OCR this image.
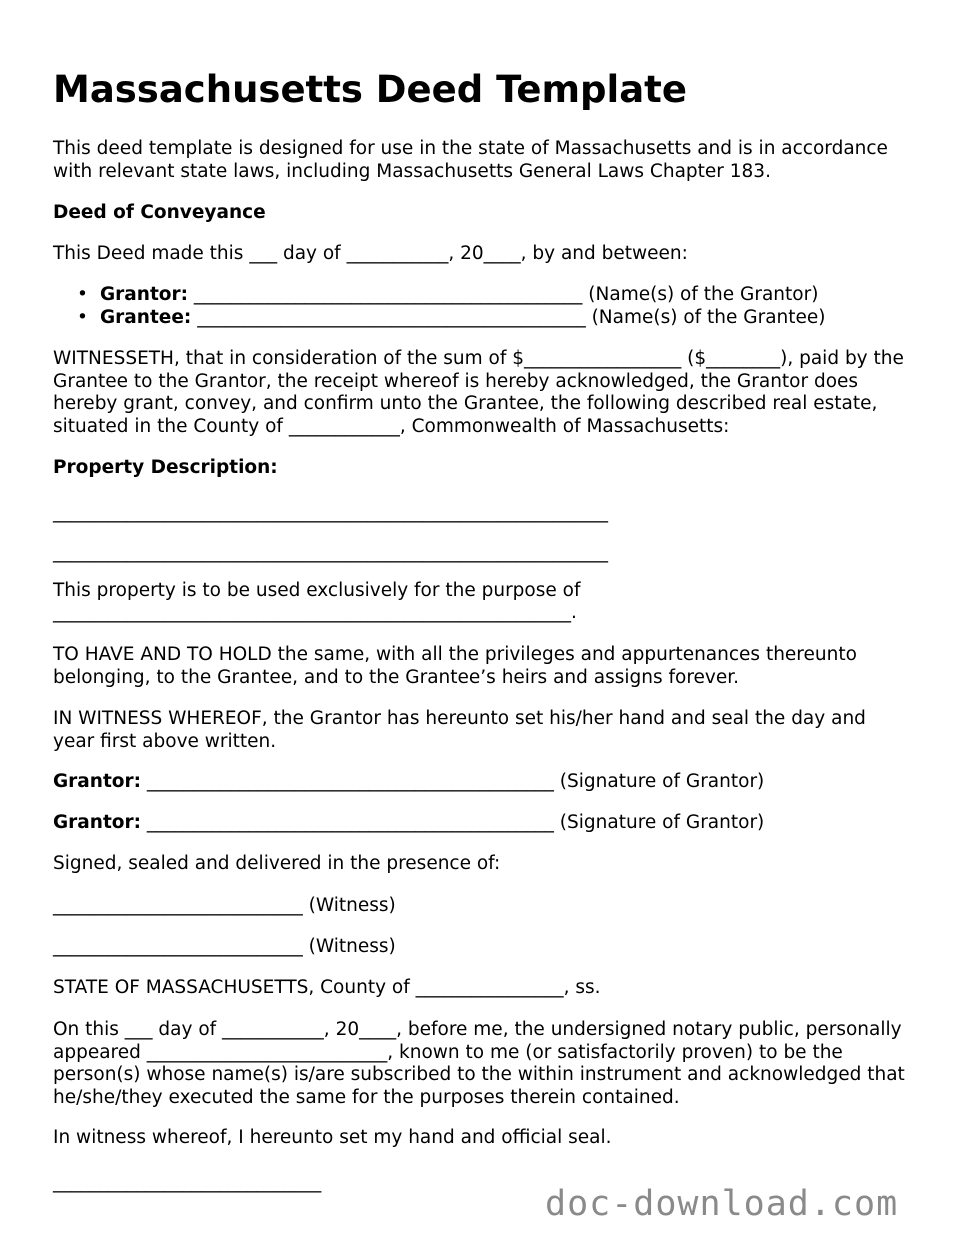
Massachusetts Deed Template

This deed template is designed for use in the state of Massachusetts and is in accordance with relevant state laws, including Massachusetts General Laws Chapter 183.

Deed of Conveyance

This Deed made this ___ day of ___________, 20____, by and between:

• Grantor: __________________________________________ (Name(s) of the Grantor)
• Grantee: __________________________________________ (Name(s) of the Grantee)

WITNESSETH, that in consideration of the sum of $_________________ ($________), paid by the Grantee to the Grantor, the receipt whereof is hereby acknowledged, the Grantor does hereby grant, convey, and confirm unto the Grantee, the following described real estate, situated in the County of ____________, Commonwealth of Massachusetts:

Property Description:

____________________________________________________________

____________________________________________________________

This property is to be used exclusively for the purpose of

________________________________________________________.

TO HAVE AND TO HOLD the same, with all the privileges and appurtenances thereunto belonging, to the Grantee, and to the Grantee’s heirs and assigns forever.

IN WITNESS WHEREOF, the Grantor has hereunto set his/her hand and seal the day and year first above written.

Grantor: ____________________________________________ (Signature of Grantor)

Grantor: ____________________________________________ (Signature of Grantor)

Signed, sealed and delivered in the presence of:

___________________________ (Witness)

___________________________ (Witness)

STATE OF MASSACHUSETTS, County of ________________, ss.

On this ___ day of ___________, 20____, before me, the undersigned notary public, personally appeared __________________________, known to me (or satisfactorily proven) to be the person(s) whose name(s) is/are subscribed to the within instrument and acknowledged that he/she/they executed the same for the purposes therein contained.

In witness whereof, I hereunto set my hand and official seal.

_____________________________

doc-download.com
